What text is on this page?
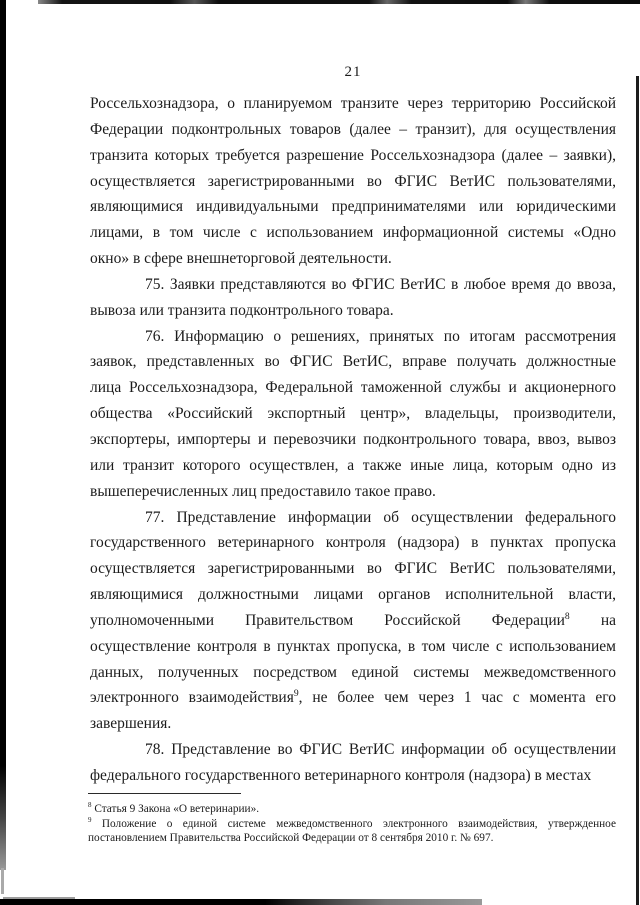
21
Россельхознадзора, о планируемом транзите через территорию Российской
Федерации подконтрольных товаров (далее – транзит), для осуществления
транзита которых требуется разрешение Россельхознадзора (далее – заявки),
осуществляется зарегистрированными во ФГИС ВетИС пользователями,
являющимися индивидуальными предпринимателями или юридическими
лицами, в том числе с использованием информационной системы «Одно
окно» в сфере внешнеторговой деятельности.
75. Заявки представляются во ФГИС ВетИС в любое время до ввоза,
вывоза или транзита подконтрольного товара.
76. Информацию о решениях, принятых по итогам рассмотрения
заявок, представленных во ФГИС ВетИС, вправе получать должностные
лица Россельхознадзора, Федеральной таможенной службы и акционерного
общества «Российский экспортный центр», владельцы, производители,
экспортеры, импортеры и перевозчики подконтрольного товара, ввоз, вывоз
или транзит которого осуществлен, а также иные лица, которым одно из
вышеперечисленных лиц предоставило такое право.
77. Представление информации об осуществлении федерального
государственного ветеринарного контроля (надзора) в пунктах пропуска
осуществляется зарегистрированными во ФГИС ВетИС пользователями,
являющимися должностными лицами органов исполнительной власти,
уполномоченными Правительством Российской Федерации$^8$ на
осуществление контроля в пунктах пропуска, в том числе с использованием
данных, полученных посредством единой системы межведомственного
электронного взаимодействия$^9$, не более чем через 1 час с момента его
завершения.
78. Представление во ФГИС ВетИС информации об осуществлении
федерального государственного ветеринарного контроля (надзора) в местах
$^8$ Статья 9 Закона «О ветеринарии».
$^9$ Положение о единой системе межведомственного электронного взаимодействия, утвержденное
постановлением Правительства Российской Федерации от 8 сентября 2010 г. № 697.
